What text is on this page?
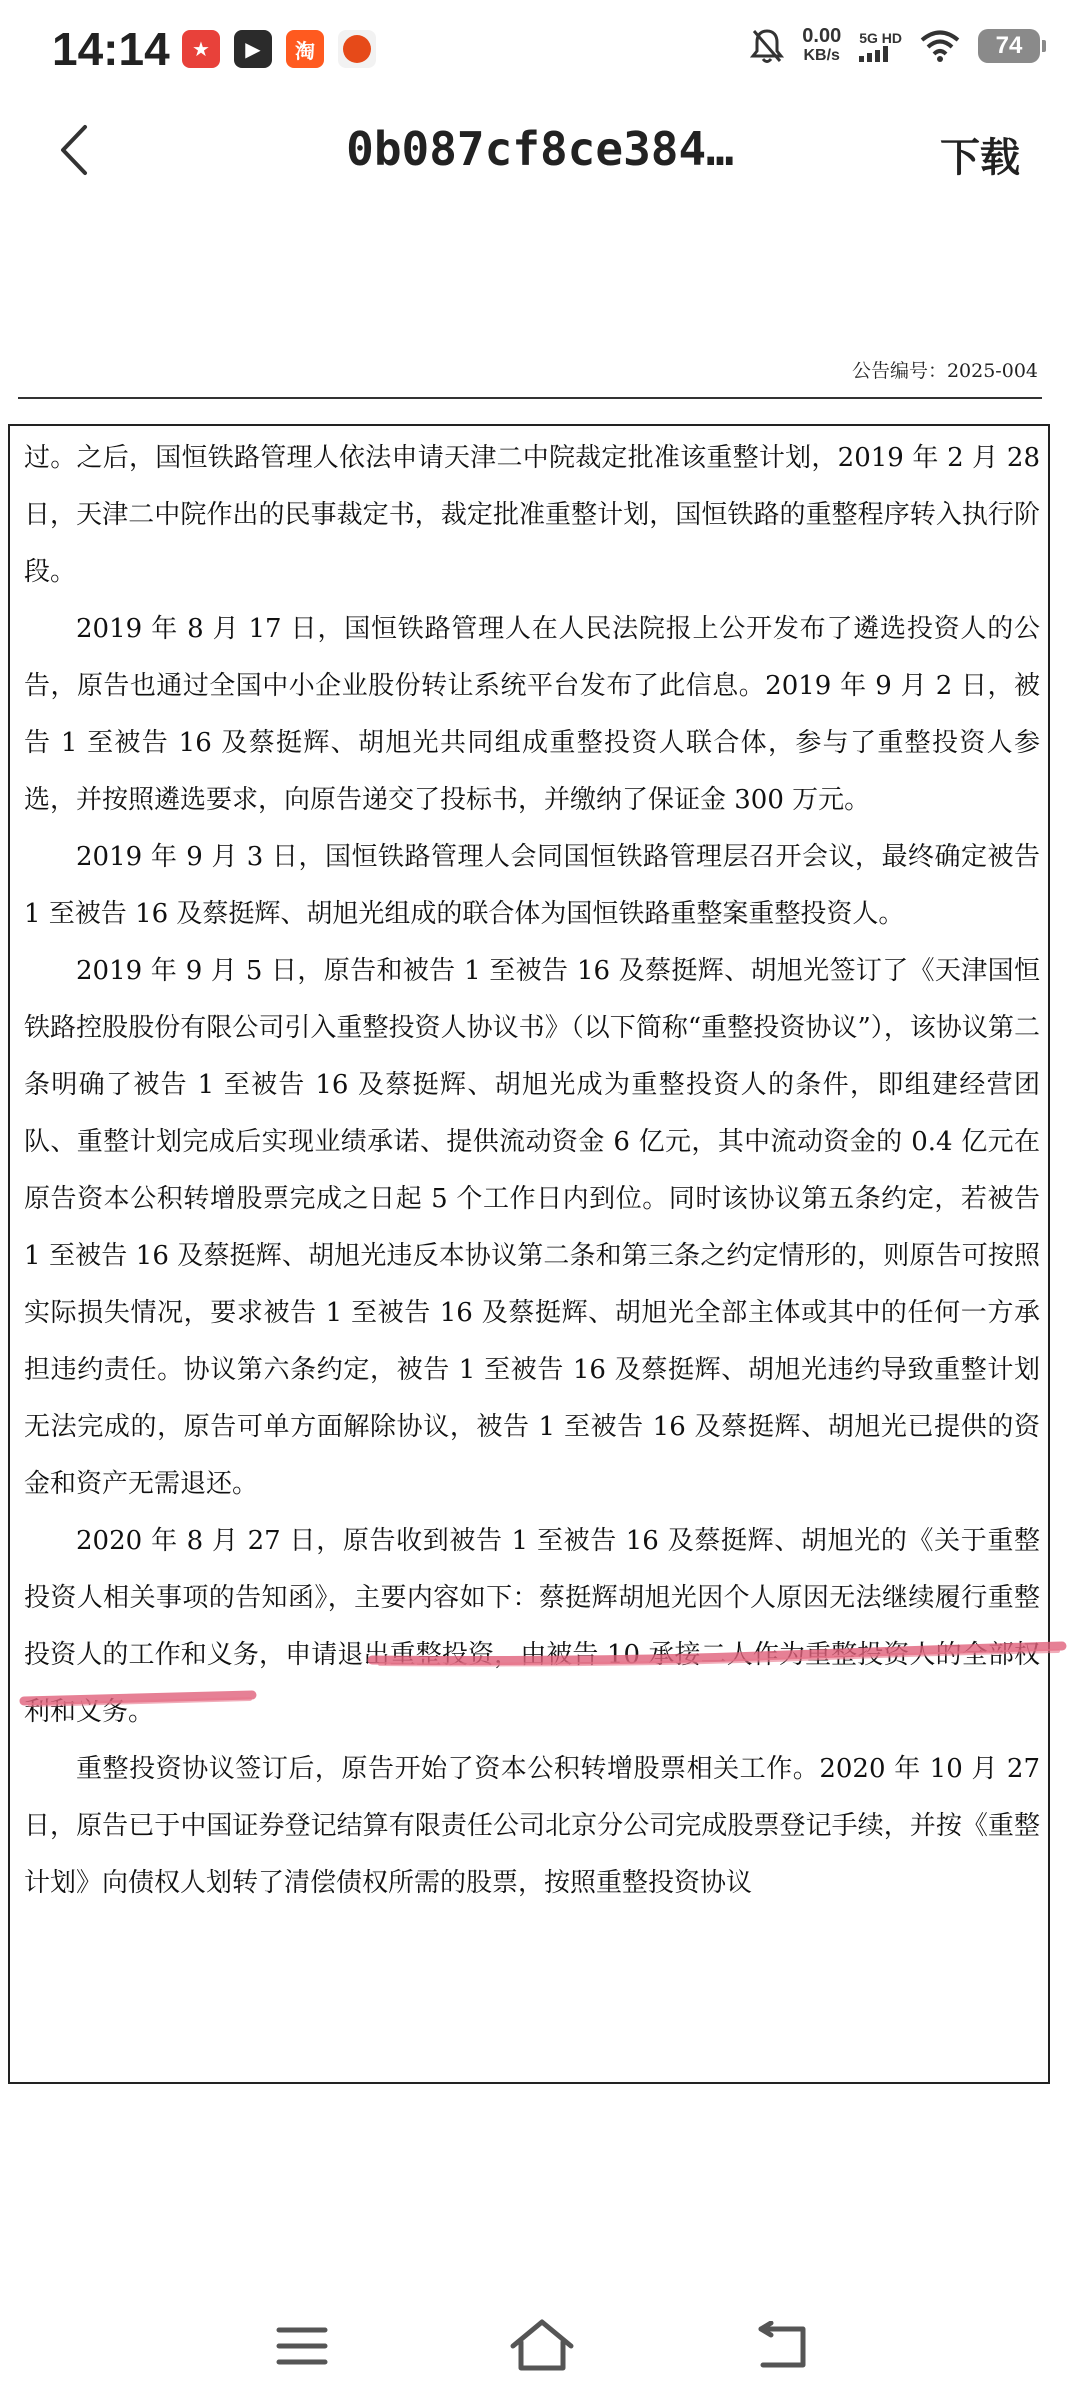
14:14	★	▶	淘
0.00
KB/s
5G HD	74
0b087cf8ce384…	下载
公告编号：2025-004

过。之后，国恒铁路管理人依法申请天津二中院裁定批准该重整计划，2019 年 2 月 28 日，天津二中院作出的民事裁定书，裁定批准重整计划，国恒铁路的重整程序转入执行阶段。

2019 年 8 月 17 日，国恒铁路管理人在人民法院报上公开发布了遴选投资人的公告，原告也通过全国中小企业股份转让系统平台发布了此信息。2019 年 9 月 2 日，被告 1 至被告 16 及蔡挺辉、胡旭光共同组成重整投资人联合体，参与了重整投资人参选，并按照遴选要求，向原告递交了投标书，并缴纳了保证金 300 万元。

2019 年 9 月 3 日，国恒铁路管理人会同国恒铁路管理层召开会议，最终确定被告 1 至被告 16 及蔡挺辉、胡旭光组成的联合体为国恒铁路重整案重整投资人。

2019 年 9 月 5 日，原告和被告 1 至被告 16 及蔡挺辉、胡旭光签订了《天津国恒铁路控股股份有限公司引入重整投资人协议书》（以下简称“重整投资协议”），该协议第二条明确了被告 1 至被告 16 及蔡挺辉、胡旭光成为重整投资人的条件，即组建经营团队、重整计划完成后实现业绩承诺、提供流动资金 6 亿元，其中流动资金的 0.4 亿元在原告资本公积转增股票完成之日起 5 个工作日内到位。同时该协议第五条约定，若被告 1 至被告 16 及蔡挺辉、胡旭光违反本协议第二条和第三条之约定情形的，则原告可按照实际损失情况，要求被告 1 至被告 16 及蔡挺辉、胡旭光全部主体或其中的任何一方承担违约责任。协议第六条约定，被告 1 至被告 16 及蔡挺辉、胡旭光违约导致重整计划无法完成的，原告可单方面解除协议，被告 1 至被告 16 及蔡挺辉、胡旭光已提供的资金和资产无需退还。

2020 年 8 月 27 日，原告收到被告 1 至被告 16 及蔡挺辉、胡旭光的《关于重整投资人相关事项的告知函》，主要内容如下：蔡挺辉胡旭光因个人原因无法继续履行重整投资人的工作和义务，申请退出重整投资，由被告 10 承接二人作为重整投资人的全部权利和义务。

重整投资协议签订后，原告开始了资本公积转增股票相关工作。2020 年 10 月 27 日，原告已于中国证券登记结算有限责任公司北京分公司完成股票登记手续，并按《重整计划》向债权人划转了清偿债权所需的股票，按照重整投资协议
